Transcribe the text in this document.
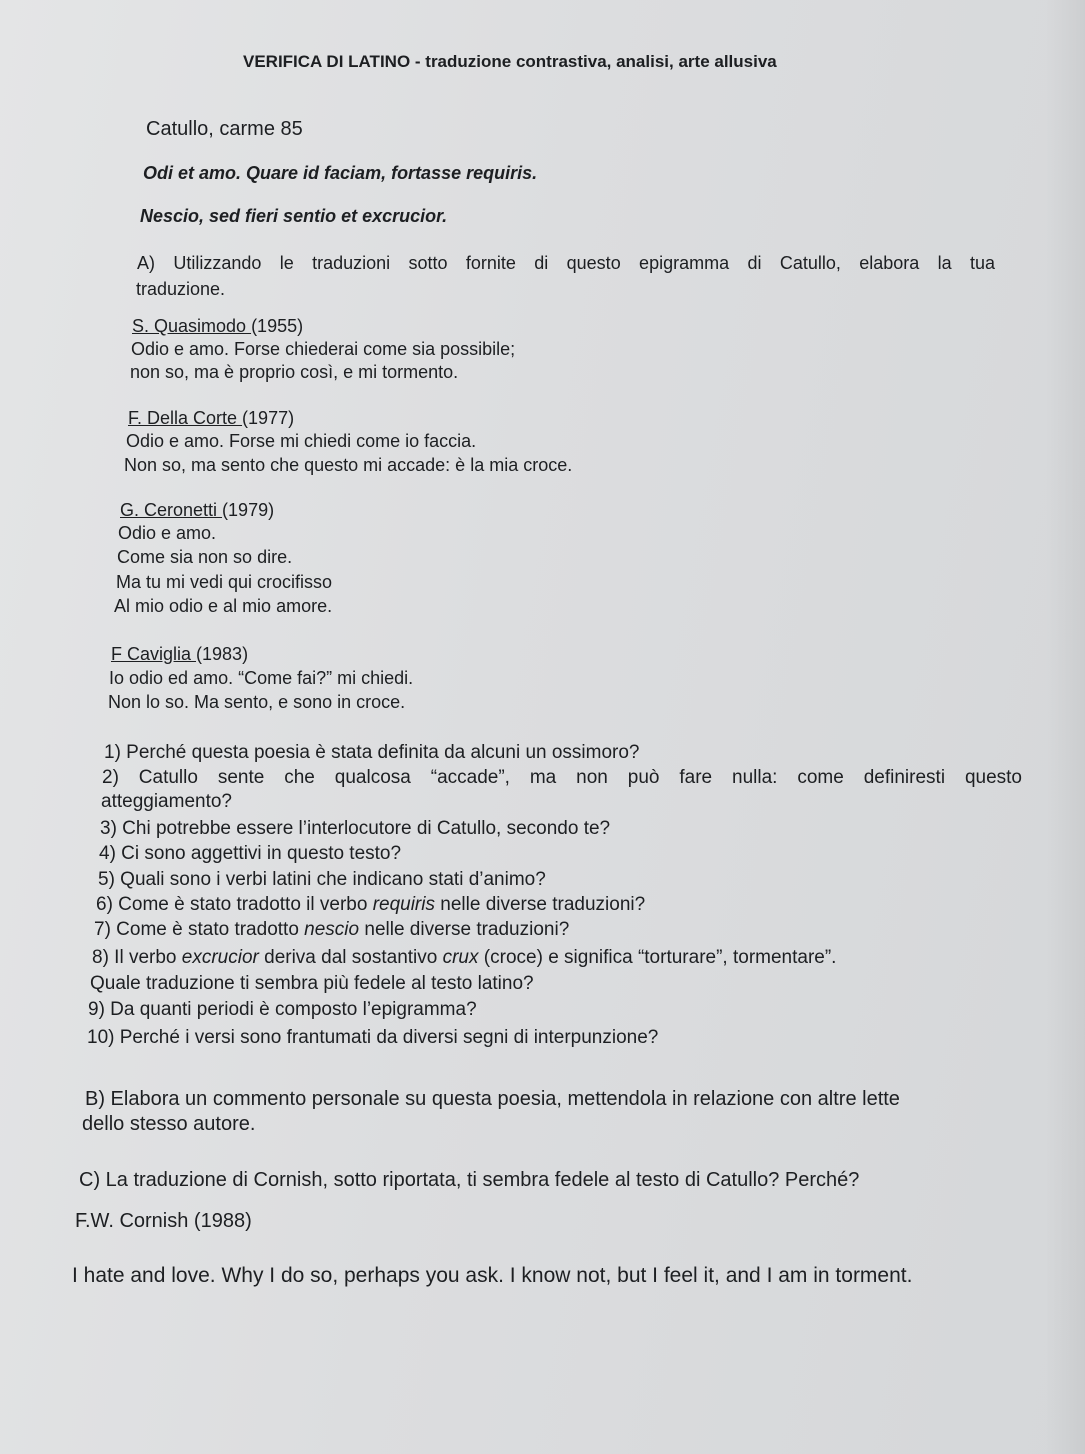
VERIFICA DI LATINO - traduzione contrastiva, analisi, arte allusiva
Catullo, carme 85
Odi et amo. Quare id faciam, fortasse requiris.
Nescio, sed fieri sentio et excrucior.
A) Utilizzando le traduzioni sotto fornite di questo epigramma di Catullo, elabora la tua
traduzione.
S. Quasimodo (1955)
Odio e amo. Forse chiederai come sia possibile;
non so, ma è proprio così, e mi tormento.
F. Della Corte (1977)
Odio e amo. Forse mi chiedi come io faccia.
Non so, ma sento che questo mi accade: è la mia croce.
G. Ceronetti (1979)
Odio e amo.
Come sia non so dire.
Ma tu mi vedi qui crocifisso
Al mio odio e al mio amore.
F Caviglia (1983)
Io odio ed amo. “Come fai?” mi chiedi.
Non lo so. Ma sento, e sono in croce.
1) Perché questa poesia è stata definita da alcuni un ossimoro?
2) Catullo sente che qualcosa “accade”, ma non può fare nulla: come definiresti questo
atteggiamento?
3) Chi potrebbe essere l’interlocutore di Catullo, secondo te?
4) Ci sono aggettivi in questo testo?
5) Quali sono i verbi latini che indicano stati d’animo?
6) Come è stato tradotto il verbo requiris nelle diverse traduzioni?
7) Come è stato tradotto nescio nelle diverse traduzioni?
8) Il verbo excrucior deriva dal sostantivo crux (croce) e significa “torturare”, tormentare”.
Quale traduzione ti sembra più fedele al testo latino?
9) Da quanti periodi è composto l’epigramma?
10) Perché i versi sono frantumati da diversi segni di interpunzione?
B) Elabora un commento personale su questa poesia, mettendola in relazione con altre lette
dello stesso autore.
C) La traduzione di Cornish, sotto riportata, ti sembra fedele al testo di Catullo? Perché?
F.W. Cornish (1988)
I hate and love. Why I do so, perhaps you ask. I know not, but I feel it, and I am in torment.
